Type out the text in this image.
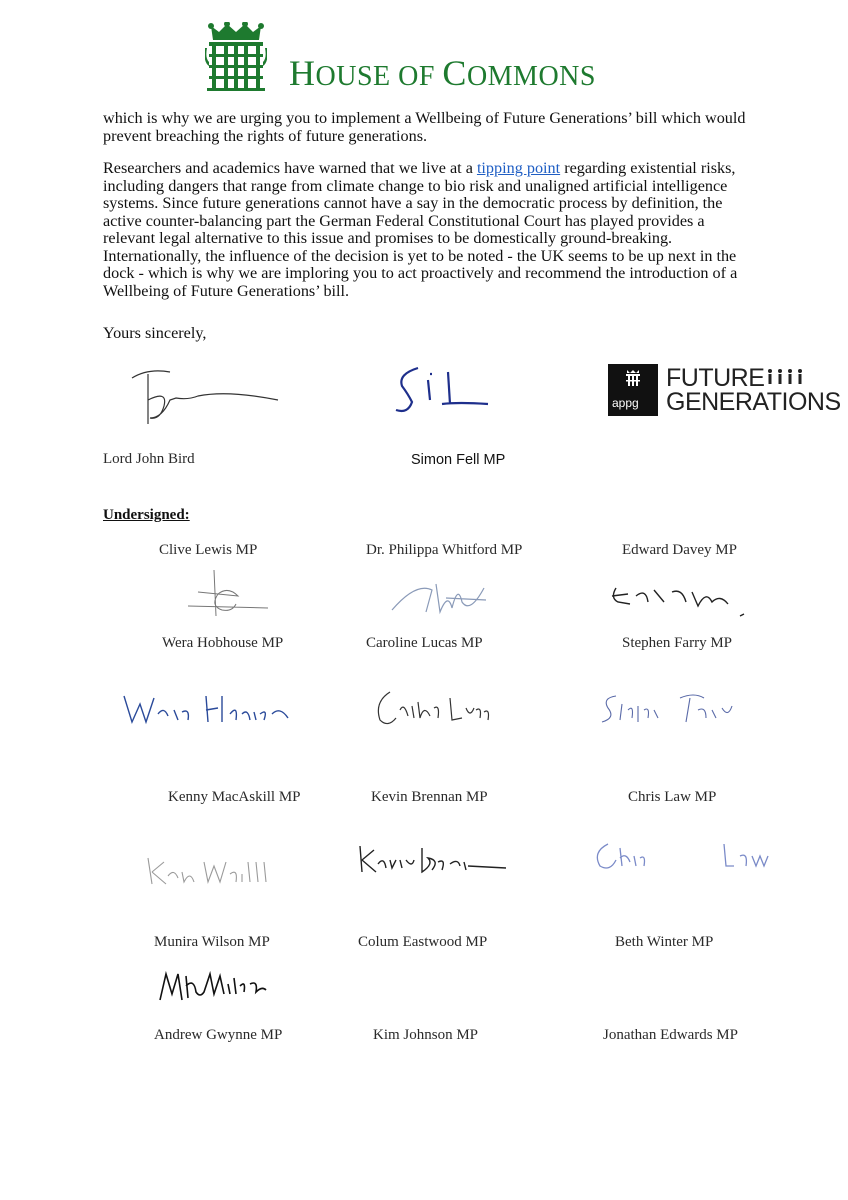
HOUSE OF COMMONS

which is why we are urging you to implement a Wellbeing of Future Generations’ bill which would prevent breaching the rights of future generations.

Researchers and academics have warned that we live at a tipping point regarding existential risks, including dangers that range from climate change to bio risk and unaligned artificial intelligence systems. Since future generations cannot have a say in the democratic process by definition, the active counter-balancing part the German Federal Constitutional Court has played provides a relevant legal alternative to this issue and promises to be domestically ground-breaking. Internationally, the influence of the decision is yet to be noted - the UK seems to be up next in the dock - which is why we are imploring you to act proactively and recommend the introduction of a Wellbeing of Future Generations’ bill.

Yours sincerely,
appg
FUTURE
GENERATIONS
Lord John Bird	Simon Fell MP
Undersigned:
Clive Lewis MP	Dr. Philippa Whitford MP	Edward Davey MP
Wera Hobhouse MP	Caroline Lucas MP	Stephen Farry MP
Kenny MacAskill MP	Kevin Brennan MP	Chris Law MP
Munira Wilson MP	Colum Eastwood MP	Beth Winter MP
Andrew Gwynne MP	Kim Johnson MP	Jonathan Edwards MP
